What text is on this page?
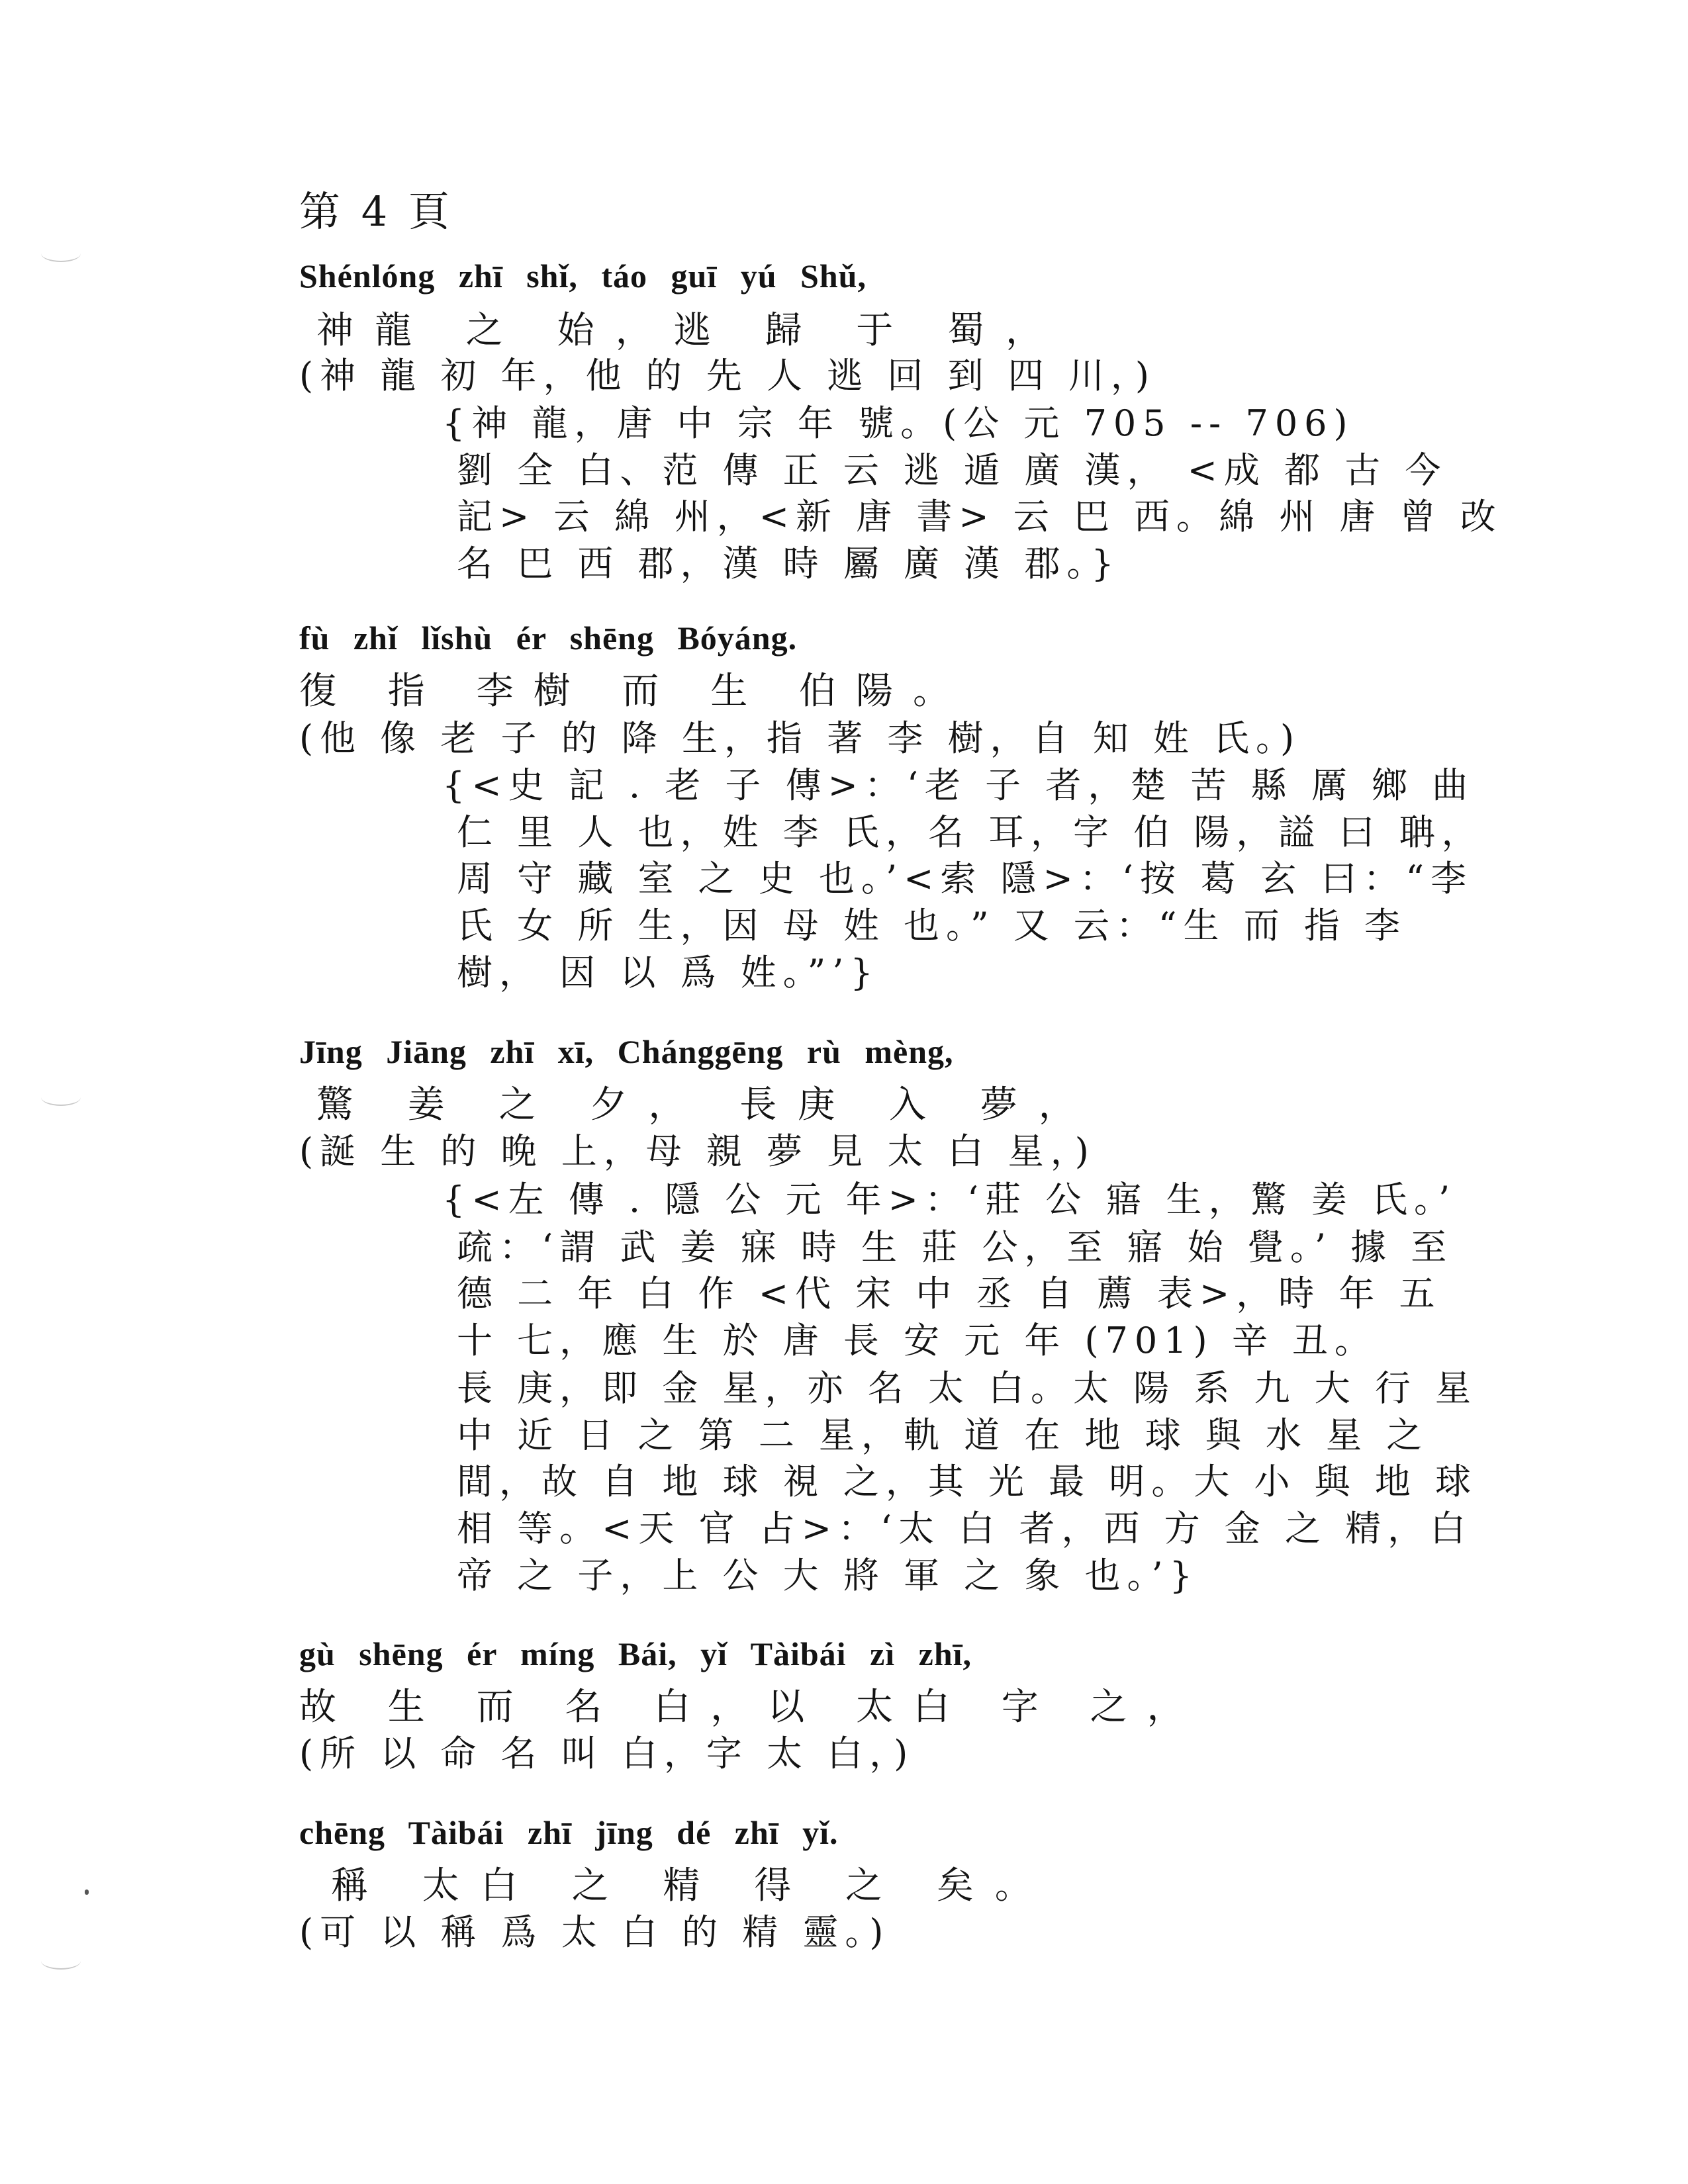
第 4 頁
Shénlóng zhī shǐ, táo guī yú Shǔ,
神龍 之 始，逃 歸 于 蜀，
(神 龍 初 年，他 的 先 人 逃 回 到 四 川，)
{神 龍，唐 中 宗 年 號。(公 元 705 -- 706)
劉 全 白、范 傳 正 云 逃 遁 廣 漢， <成 都 古 今
記> 云 綿 州，<新 唐 書> 云 巴 西。綿 州 唐 曾 改
名 巴 西 郡，漢 時 屬 廣 漢 郡。}
fù zhǐ lǐshù ér shēng Bóyáng.
復 指 李樹 而 生 伯陽。
(他 像 老 子 的 降 生，指 著 李 樹，自 知 姓 氏。)
{<史 記 . 老 子 傳>：‘老 子 者，楚 苦 縣 厲 鄉 曲
仁 里 人 也，姓 李 氏，名 耳，字 伯 陽，謚 曰 聃，
周 守 藏 室 之 史 也。’<索 隱>：‘按 葛 玄 曰：“李
氏 女 所 生，因 母 姓 也。” 又 云：“生 而 指 李
樹， 因 以 爲 姓。”’}
Jīng Jiāng zhī xī, Chánggēng rù mèng,
驚 姜 之 夕， 長庚 入 夢，
(誕 生 的 晚 上，母 親 夢 見 太 白 星，)
{<左 傳 . 隱 公 元 年>：‘莊 公 寤 生，驚 姜 氏。’
疏：‘謂 武 姜 寐 時 生 莊 公，至 寤 始 覺。’ 據 至
德 二 年 白 作 <代 宋 中 丞 自 薦 表>，時 年 五
十 七，應 生 於 唐 長 安 元 年 (701) 辛 丑。
長 庚，即 金 星，亦 名 太 白。太 陽 系 九 大 行 星
中 近 日 之 第 二 星，軌 道 在 地 球 與 水 星 之
間，故 自 地 球 視 之，其 光 最 明。大 小 與 地 球
相 等。<天 官 占>：‘太 白 者，西 方 金 之 精，白
帝 之 子，上 公 大 將 軍 之 象 也。’}
gù shēng ér míng Bái, yǐ Tàibái zì zhī,
故 生 而 名 白，以 太白 字 之，
(所 以 命 名 叫 白，字 太 白，)
chēng Tàibái zhī jīng dé zhī yǐ.
稱 太白 之 精 得 之 矣。
(可 以 稱 爲 太 白 的 精 靈。)
